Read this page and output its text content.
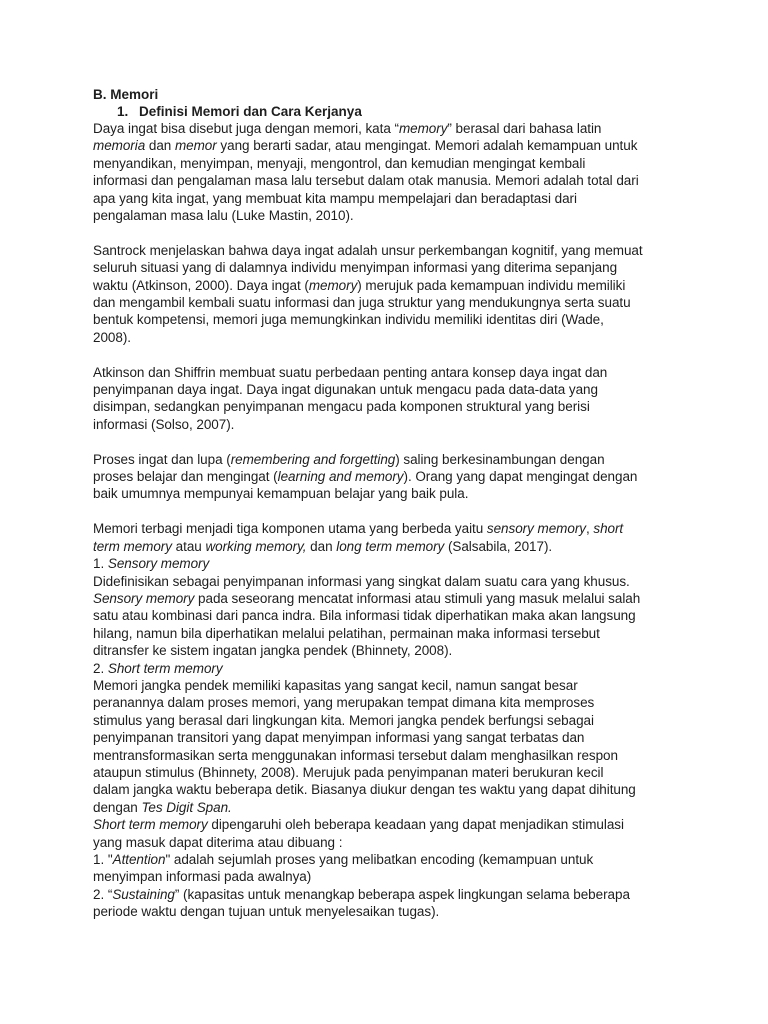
B. Memori
1. Definisi Memori dan Cara Kerjanya
Daya ingat bisa disebut juga dengan memori, kata “memory” berasal dari bahasa latin
memoria dan memor yang berarti sadar, atau mengingat. Memori adalah kemampuan untuk
menyandikan, menyimpan, menyaji, mengontrol, dan kemudian mengingat kembali
informasi dan pengalaman masa lalu tersebut dalam otak manusia. Memori adalah total dari
apa yang kita ingat, yang membuat kita mampu mempelajari dan beradaptasi dari
pengalaman masa lalu (Luke Mastin, 2010).
Santrock menjelaskan bahwa daya ingat adalah unsur perkembangan kognitif, yang memuat
seluruh situasi yang di dalamnya individu menyimpan informasi yang diterima sepanjang
waktu (Atkinson, 2000). Daya ingat (memory) merujuk pada kemampuan individu memiliki
dan mengambil kembali suatu informasi dan juga struktur yang mendukungnya serta suatu
bentuk kompetensi, memori juga memungkinkan individu memiliki identitas diri (Wade,
2008).
Atkinson dan Shiffrin membuat suatu perbedaan penting antara konsep daya ingat dan
penyimpanan daya ingat. Daya ingat digunakan untuk mengacu pada data-data yang
disimpan, sedangkan penyimpanan mengacu pada komponen struktural yang berisi
informasi (Solso, 2007).
Proses ingat dan lupa (remembering and forgetting) saling berkesinambungan dengan
proses belajar dan mengingat (learning and memory). Orang yang dapat mengingat dengan
baik umumnya mempunyai kemampuan belajar yang baik pula.
Memori terbagi menjadi tiga komponen utama yang berbeda yaitu sensory memory, short
term memory atau working memory, dan long term memory (Salsabila, 2017).
1. Sensory memory
Didefinisikan sebagai penyimpanan informasi yang singkat dalam suatu cara yang khusus.
Sensory memory pada seseorang mencatat informasi atau stimuli yang masuk melalui salah
satu atau kombinasi dari panca indra. Bila informasi tidak diperhatikan maka akan langsung
hilang, namun bila diperhatikan melalui pelatihan, permainan maka informasi tersebut
ditransfer ke sistem ingatan jangka pendek (Bhinnety, 2008).
2. Short term memory
Memori jangka pendek memiliki kapasitas yang sangat kecil, namun sangat besar
peranannya dalam proses memori, yang merupakan tempat dimana kita memproses
stimulus yang berasal dari lingkungan kita. Memori jangka pendek berfungsi sebagai
penyimpanan transitori yang dapat menyimpan informasi yang sangat terbatas dan
mentransformasikan serta menggunakan informasi tersebut dalam menghasilkan respon
ataupun stimulus (Bhinnety, 2008). Merujuk pada penyimpanan materi berukuran kecil
dalam jangka waktu beberapa detik. Biasanya diukur dengan tes waktu yang dapat dihitung
dengan Tes Digit Span.
Short term memory dipengaruhi oleh beberapa keadaan yang dapat menjadikan stimulasi
yang masuk dapat diterima atau dibuang :
1. "Attention" adalah sejumlah proses yang melibatkan encoding (kemampuan untuk
menyimpan informasi pada awalnya)
2. “Sustaining” (kapasitas untuk menangkap beberapa aspek lingkungan selama beberapa
periode waktu dengan tujuan untuk menyelesaikan tugas).
